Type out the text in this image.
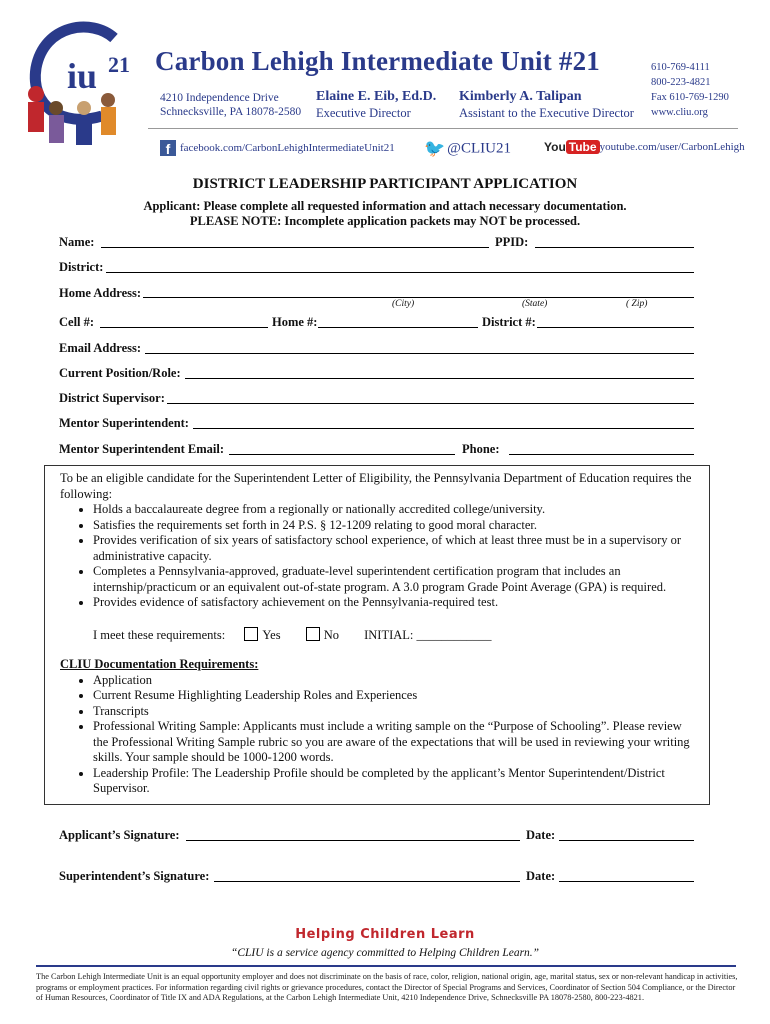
iu 21 Carbon Lehigh Intermediate Unit #21
4210 Independence Drive
Schnecksville, PA 18078-2580
Elaine E. Eib, Ed.D.
Executive Director
Kimberly A. Talipan
Assistant to the Executive Director
610-769-4111
800-223-4821
Fax 610-769-1290
www.cliu.org
f facebook.com/CarbonLehighIntermediateUnit21 🐦 @CLIU21	You Tube youtube.com/user/CarbonLehigh
DISTRICT LEADERSHIP PARTICIPANT APPLICATION
Applicant: Please complete all requested information and attach necessary documentation.
PLEASE NOTE: Incomplete application packets may NOT be processed.
Name:	PPID:
District:
Home Address:
(City)	(State)	( Zip)
Cell #:	Home #:	District #:
Email Address:
Current Position/Role:
District Supervisor:
Mentor Superintendent:
Mentor Superintendent Email:	Phone:
To be an eligible candidate for the Superintendent Letter of Eligibility, the Pennsylvania Department of Education requires the following:
• Holds a baccalaureate degree from a regionally or nationally accredited college/university.
• Satisfies the requirements set forth in 24 P.S. § 12-1209 relating to good moral character.
• Provides verification of six years of satisfactory school experience, of which at least three must be in a supervisory or administrative capacity.
• Completes a Pennsylvania-approved, graduate-level superintendent certification program that includes an internship/practicum or an equivalent out-of-state program. A 3.0 program Grade Point Average (GPA) is required.
• Provides evidence of satisfactory achievement on the Pennsylvania-required test.
I meet these requirements:	Yes	No INITIAL: ____________
CLIU Documentation Requirements:
• Application
• Current Resume Highlighting Leadership Roles and Experiences
• Transcripts
• Professional Writing Sample: Applicants must include a writing sample on the “Purpose of Schooling”. Please review the Professional Writing Sample rubric so you are aware of the expectations that will be used in reviewing your writing skills. Your sample should be 1000-1200 words.
• Leadership Profile: The Leadership Profile should be completed by the applicant’s Mentor Superintendent/District Supervisor.
Applicant’s Signature:	Date:
Superintendent’s Signature:	Date:
Helping Children Learn
“CLIU is a service agency committed to Helping Children Learn.”
The Carbon Lehigh Intermediate Unit is an equal opportunity employer and does not discriminate on the basis of race, color, religion, national origin, age, marital status, sex or non-relevant handicap in activities, programs or employment practices. For information regarding civil rights or grievance procedures, contact the Director of Special Programs and Services, Coordinator of Section 504 Compliance, or the Director of Human Resources, Coordinator of Title IX and ADA Regulations, at the Carbon Lehigh Intermediate Unit, 4210 Independence Drive, Schnecksville PA 18078-2580, 800-223-4821.
